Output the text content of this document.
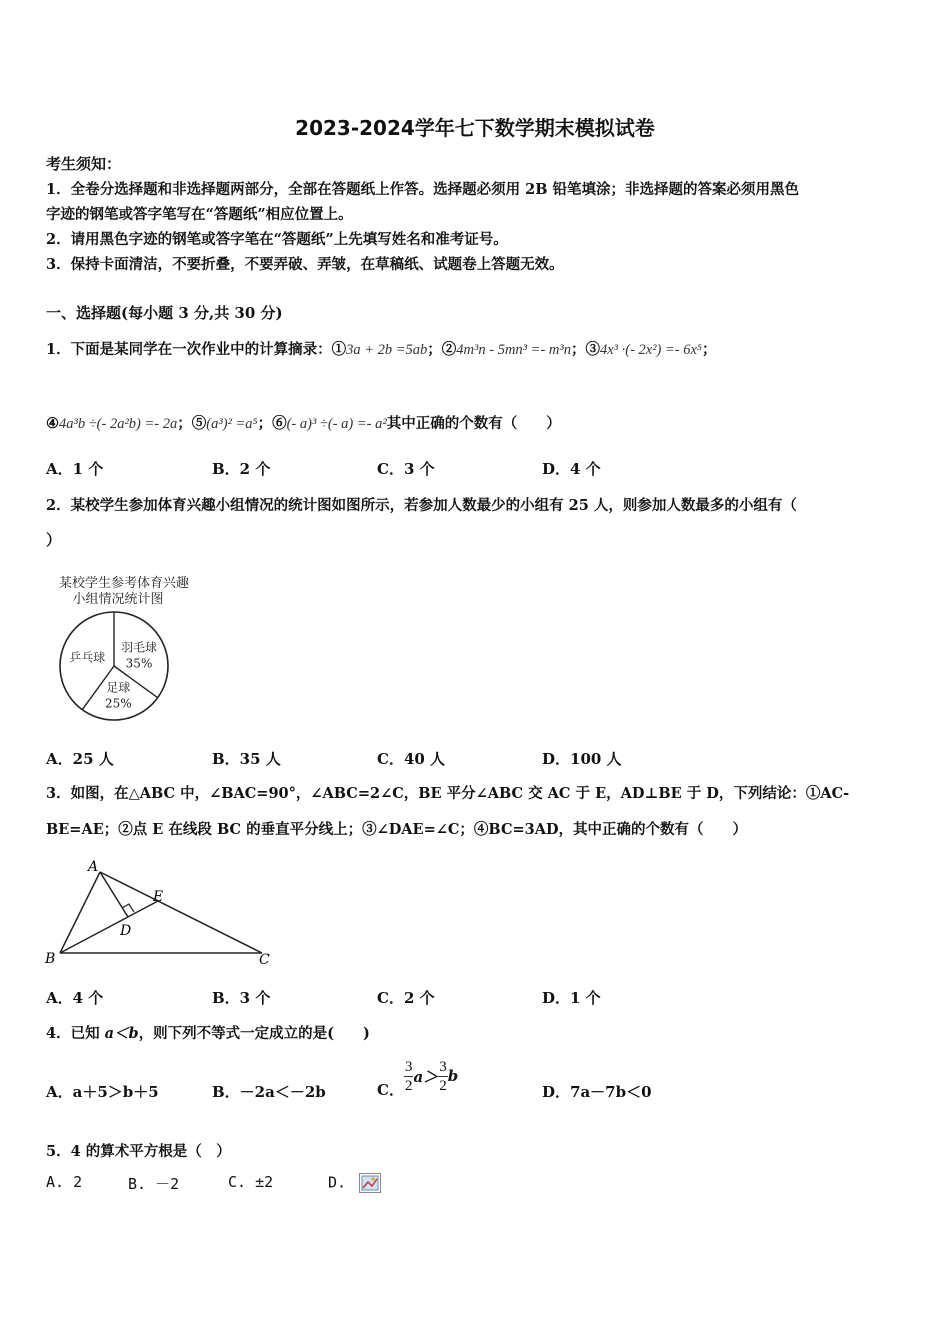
2023-2024学年七下数学期末模拟试卷
考生须知：
1．全卷分选择题和非选择题两部分，全部在答题纸上作答。选择题必须用 2B 铅笔填涂；非选择题的答案必须用黑色
字迹的钢笔或答字笔写在“答题纸”相应位置上。
2．请用黑色字迹的钢笔或答字笔在“答题纸”上先填写姓名和准考证号。
3．保持卡面清洁，不要折叠，不要弄破、弄皱，在草稿纸、试题卷上答题无效。
一、选择题(每小题 3 分,共 30 分)
1．下面是某同学在一次作业中的计算摘录：①3a + 2b =5ab；②4m³n - 5mn³ =- m³n；③4x³ ·(- 2x²) =- 6x⁵；
④4a³b ÷(- 2a²b) =- 2a；⑤(a³)² =a⁵；⑥(- a)³ ÷(- a) =- a²其中正确的个数有（　　）
A．1 个	B．2 个	C．3 个	D．4 个
2．某校学生参加体育兴趣小组情况的统计图如图所示，若参加人数最少的小组有 25 人，则参加人数最多的小组有（
）
某校学生参考体育兴趣
小组情况统计图
羽毛球
35%
足球
25%
乒乓球
A．25 人	B．35 人	C．40 人	D．100 人
3．如图，在△ABC 中，∠BAC=90°，∠ABC=2∠C，BE 平分∠ABC 交 AC 于 E，AD⊥BE 于 D，下列结论：①AC-
BE=AE；②点 E 在线段 BC 的垂直平分线上；③∠DAE=∠C；④BC=3AD，其中正确的个数有（　　）
A
B	C
D
E
A．4 个	B．3 个	C．2 个	D．1 个
4．已知 a＜b，则下列不等式一定成立的是(　　)
A．a＋5＞b＋5	B．－2a＜－2b	C． $\frac{3}{2} a> \frac{3}{2}$ b
D．7a－7b＜0
5．4 的算术平方根是（　）
A. 2	B. －2	C. ±2	D.
